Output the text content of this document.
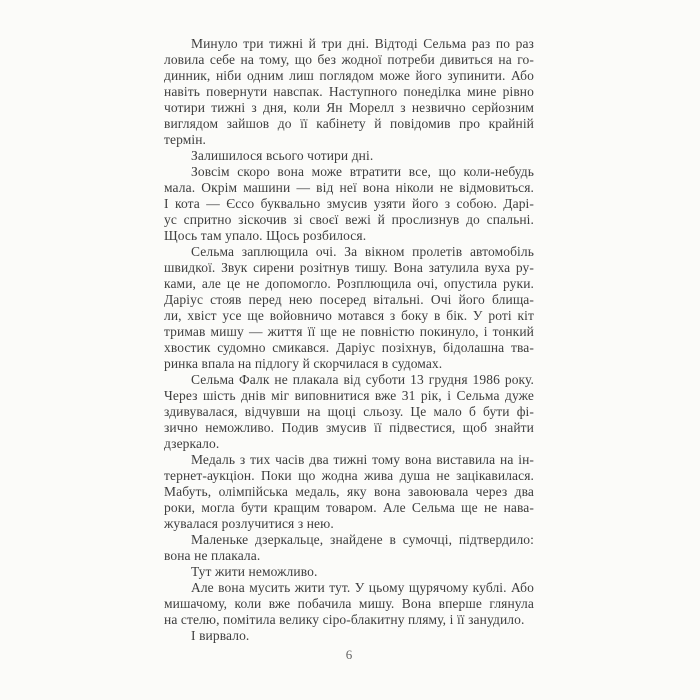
Минуло три тижні й три дні. Відтоді Сельма раз по раз
ловила себе на тому, що без жодної потреби дивиться на го-
динник, ніби одним лиш поглядом може його зупинити. Або
навіть повернути навспак. Наступного понеділка мине рівно
чотири тижні з дня, коли Ян Морелл з незвично серйозним
виглядом зайшов до її кабінету й повідомив про крайній
термін.
Залишилося всього чотири дні.
Зовсім скоро вона може втратити все, що коли-небудь
мала. Окрім машини — від неї вона ніколи не відмовиться.
І кота — Єссо буквально змусив узяти його з собою. Дарі-
ус спритно зіскочив зі своєї вежі й прослизнув до спальні.
Щось там упало. Щось розбилося.
Сельма заплющила очі. За вікном пролетів автомобіль
швидкої. Звук сирени розітнув тишу. Вона затулила вуха ру-
ками, але це не допомогло. Розплющила очі, опустила руки.
Даріус стояв перед нею посеред вітальні. Очі його блища-
ли, хвіст усе ще войовничо мотався з боку в бік. У роті кіт
тримав мишу — життя її ще не повністю покинуло, і тонкий
хвостик судомно смикався. Даріус позіхнув, бідолашна тва-
ринка впала на підлогу й скорчилася в судомах.
Сельма Фалк не плакала від суботи 13 грудня 1986 року.
Через шість днів міг виповнитися вже 31 рік, і Сельма дуже
здивувалася, відчувши на щоці сльозу. Це мало б бути фі-
зично неможливо. Подив змусив її підвестися, щоб знайти
дзеркало.
Медаль з тих часів два тижні тому вона виставила на ін-
тернет-аукціон. Поки що жодна жива душа не зацікавилася.
Мабуть, олімпійська медаль, яку вона завоювала через два
роки, могла бути кращим товаром. Але Сельма ще не нава-
жувалася розлучитися з нею.
Маленьке дзеркальце, знайдене в сумочці, підтвердило:
вона не плакала.
Тут жити неможливо.
Але вона мусить жити тут. У цьому щурячому кублі. Або
мишачому, коли вже побачила мишу. Вона вперше глянула
на стелю, помітила велику сіро-блакитну пляму, і її занудило.
І вирвало.
6
